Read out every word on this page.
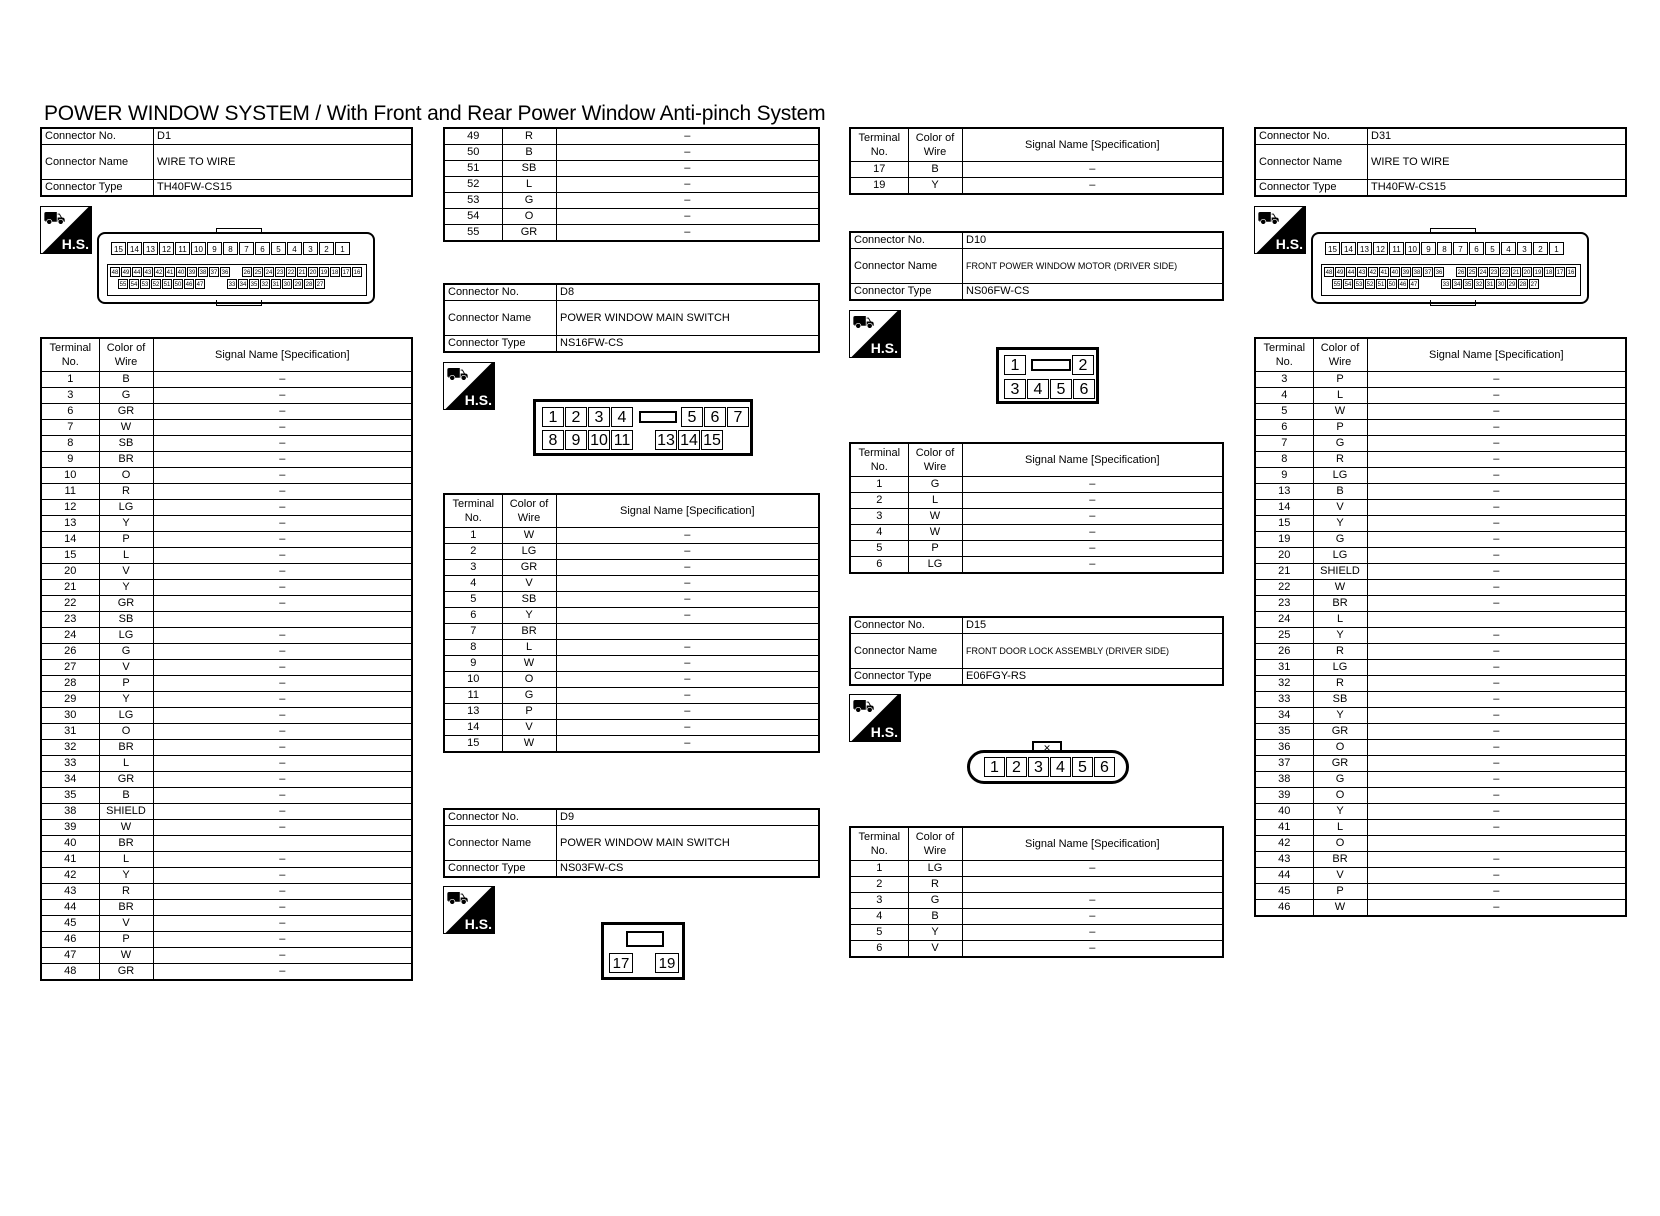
POWER WINDOW SYSTEM / With Front and Rear Power Window Anti-pinch System
Connector No.	D1
Connector Name	WIRE TO WIRE
Connector Type	TH40FW-CS15
⛟
H.S.	15 14 13 12 11 10	9	8	7	6	5	4	3	2	1
48 49 44 43 42 41 40 39 38 37 36	26 25 24 23 22 21 20 19 18 17 16
55 54 53 52 51 50 46 47	33 34 35 32 31 30 29 28 27
Terminal No.	Color of Wire	Signal Name [Specification]
1	B	–
3	G	–
6	GR	–
7	W	–
8	SB	–
9	BR	–
10	O	–
11	R	–
12	LG	–
13	Y	–
14	P	–
15	L	–
20	V	–
21	Y	–
22	GR	–
23	SB	
24	LG	–
26	G	–
27	V	–
28	P	–
29	Y	–
30	LG	–
31	O	–
32	BR	–
33	L	–
34	GR	–
35	B	–
38	SHIELD	–
39	W	–
40	BR	
41	L	–
42	Y	–
43	R	–
44	BR	–
45	V	–
46	P	–
47	W	–
48	GR	–
49	R	–
50	B	–
51	SB	–
52	L	–
53	G	–
54	O	–
55	GR	–
Connector No.	D8
Connector Name	POWER WINDOW MAIN SWITCH
Connector Type	NS16FW-CS
⛟
H.S.
1 2 3 4	5 6 7
8 9 10 11 13 14 15
Terminal No.	Color of Wire	Signal Name [Specification]
1	W	–
2	LG	–
3	GR	–
4	V	–
5	SB	–
6	Y	–
7	BR	
8	L	–
9	W	–
10	O	–
11	G	–
13	P	–
14	V	–
15	W	–
Connector No.	D9
Connector Name	POWER WINDOW MAIN SWITCH
Connector Type	NS03FW-CS
⛟
H.S.
17 19
Terminal No.	Color of Wire	Signal Name [Specification]
17	B	–
19	Y	–
Connector No.	D10
Connector Name	FRONT POWER WINDOW MOTOR (DRIVER SIDE)
Connector Type	NS06FW-CS
⛟
H.S.
1	2
3 4 5 6
Terminal No.	Color of Wire	Signal Name [Specification]
1	G	–
2	L	–
3	W	–
4	W	–
5	P	–
6	LG	–
Connector No.	D15
Connector Name	FRONT DOOR LOCK ASSEMBLY (DRIVER SIDE)
Connector Type	E06FGY-RS
⛟
H.S.
✕
1 2 3 4 5 6
Terminal No.	Color of Wire	Signal Name [Specification]
1	LG	–
2	R	
3	G	–
4	B	–
5	Y	–
6	V	–
Connector No.	D31
Connector Name	WIRE TO WIRE
Connector Type	TH40FW-CS15
⛟
H.S.	15 14 13 12 11 10	9	8	7	6	5	4	3	2	1
48 49 44 43 42 41 40 39 38 37 36	26 25 24 23 22 21 20 19 18 17 16
55 54 53 52 51 50 46 47	33 34 35 32 31 30 29 28 27
Terminal No.	Color of Wire	Signal Name [Specification]
3	P	–
4	L	–
5	W	–
6	P	–
7	G	–
8	R	–
9	LG	–
13	B	–
14	V	–
15	Y	–
19	G	–
20	LG	–
21	SHIELD	–
22	W	–
23	BR	–
24	L	
25	Y	–
26	R	–
31	LG	–
32	R	–
33	SB	–
34	Y	–
35	GR	–
36	O	–
37	GR	–
38	G	–
39	O	–
40	Y	–
41	L	–
42	O	
43	BR	–
44	V	–
45	P	–
46	W	–
